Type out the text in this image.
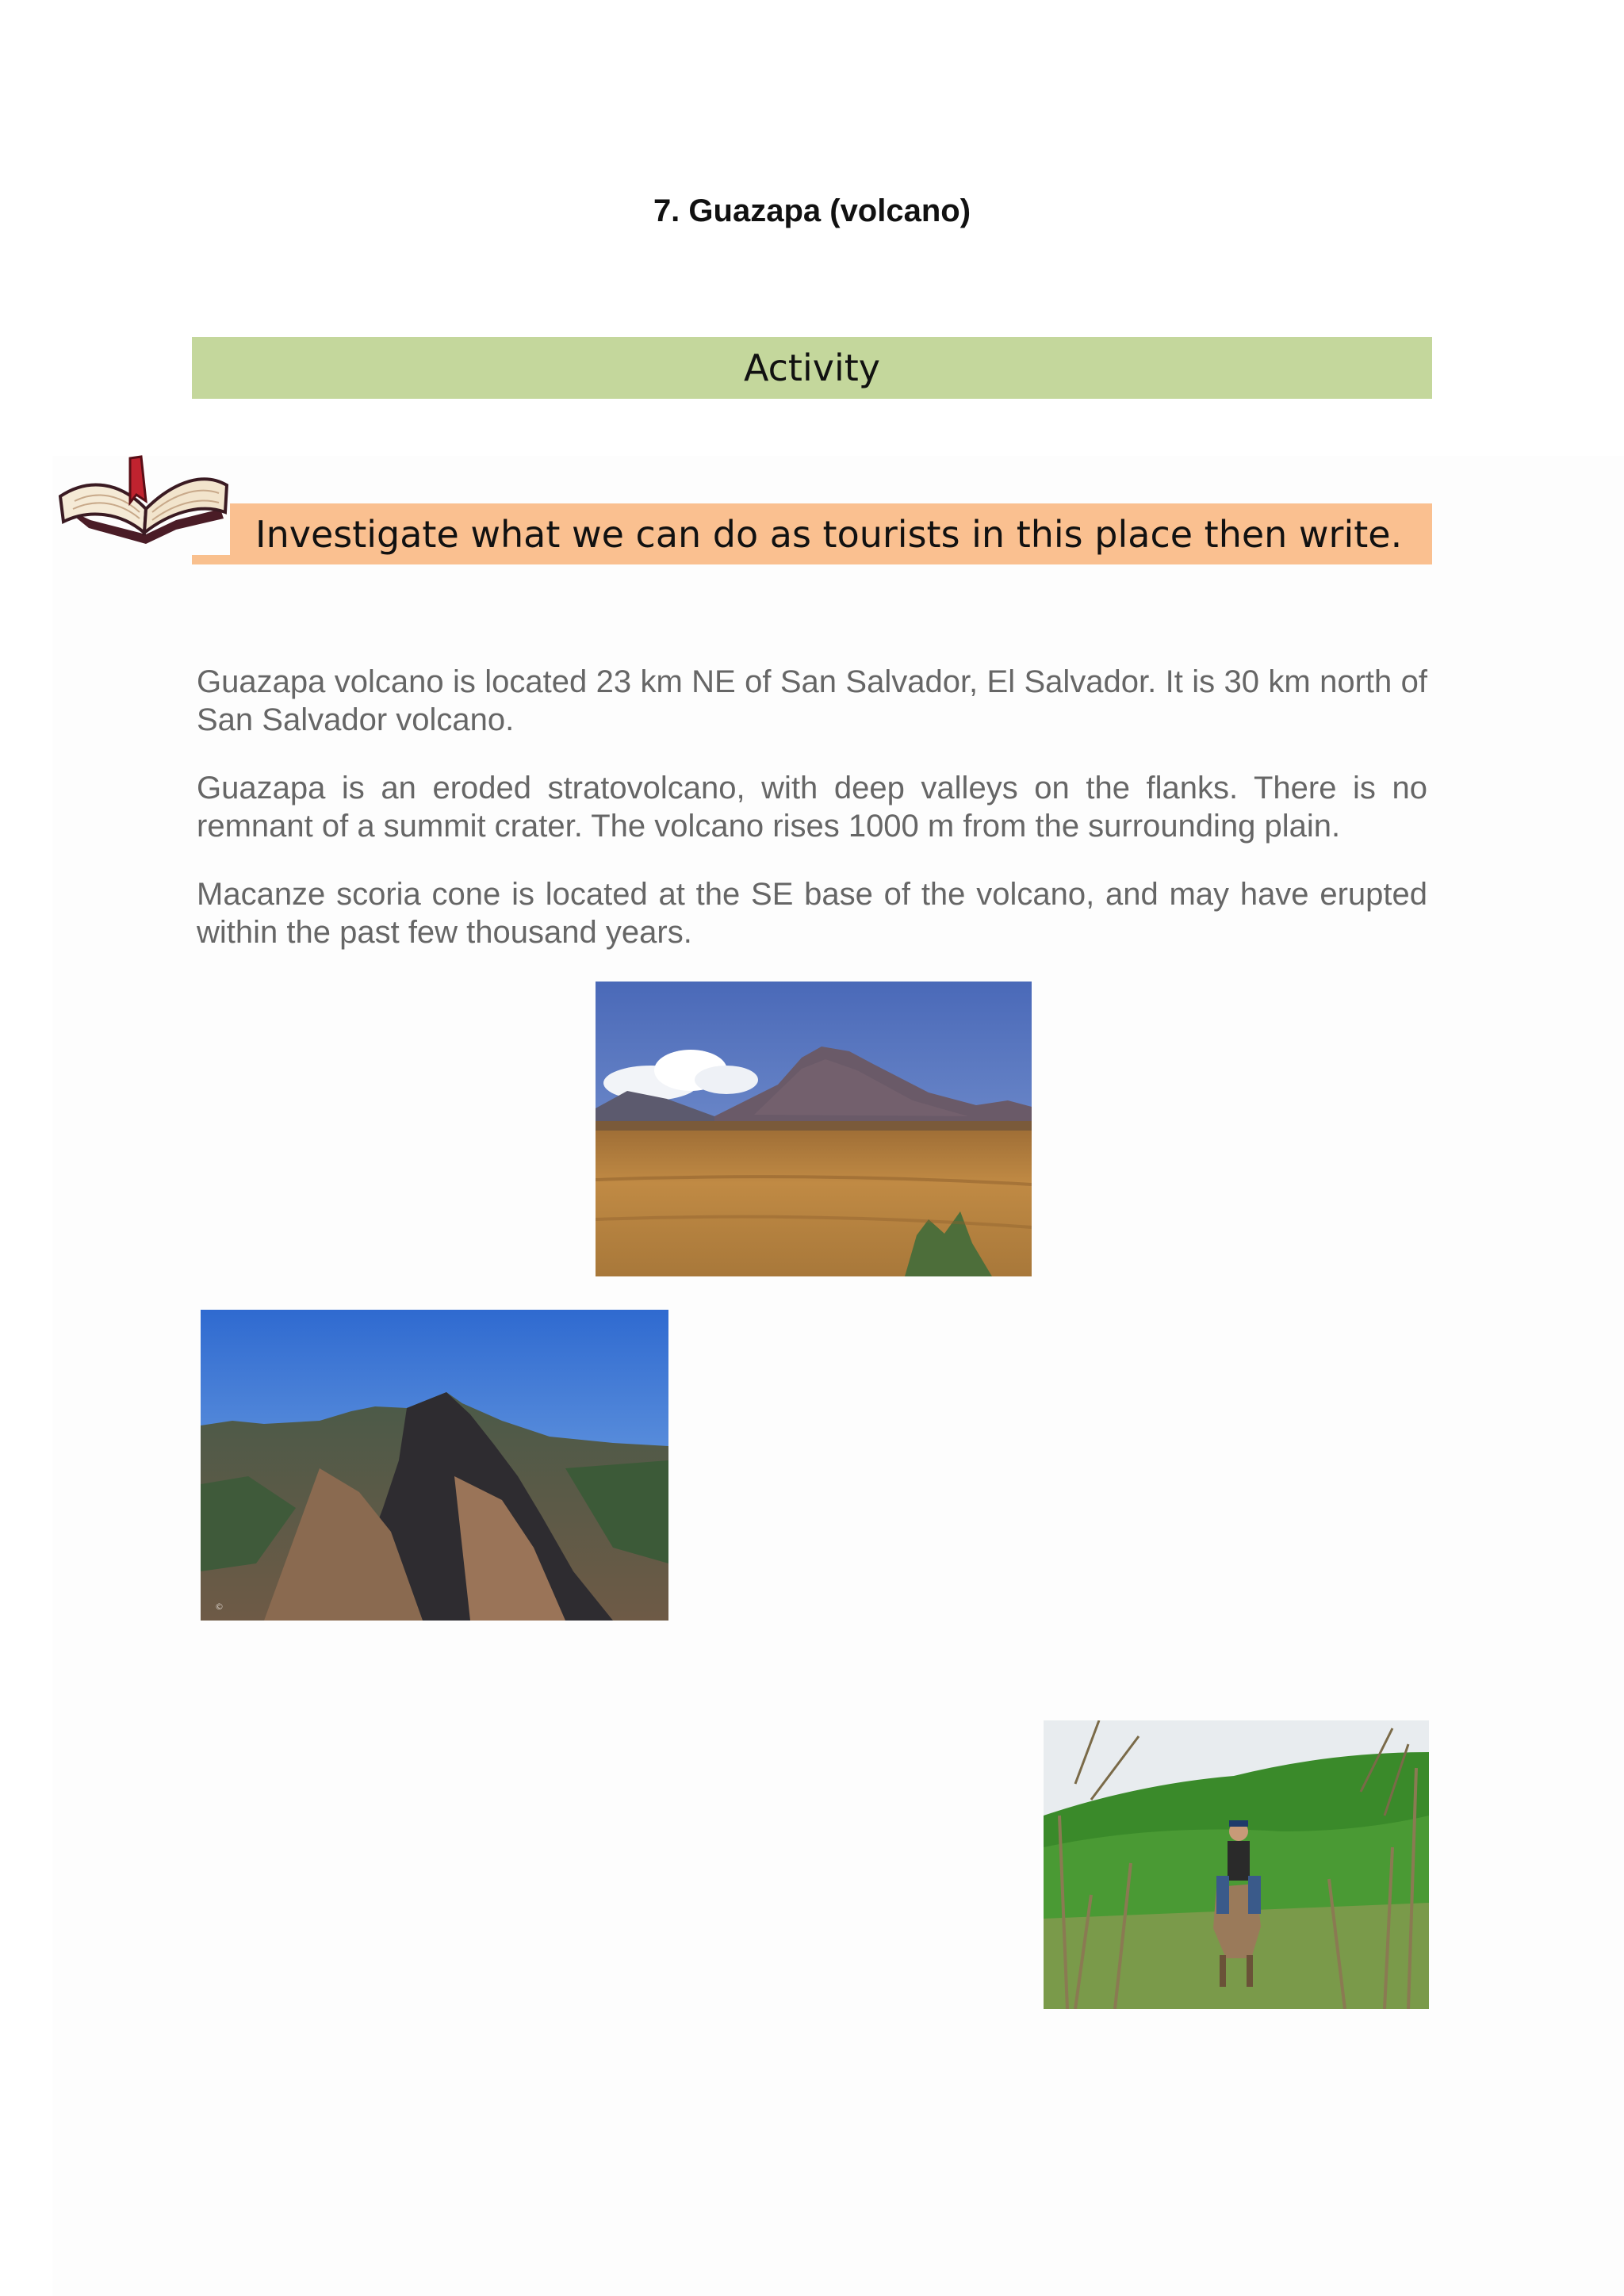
7. Guazapa (volcano)
Activity
Investigate what we can do as tourists in this place then write.

Guazapa volcano is located 23 km NE of San Salvador, El Salvador. It is 30 km north of San Salvador volcano.

Guazapa is an eroded stratovolcano, with deep valleys on the flanks. There is no remnant of a summit crater. The volcano rises 1000 m from the surrounding plain.

Macanze scoria cone is located at the SE base of the volcano, and may have erupted within the past few thousand years.

©
